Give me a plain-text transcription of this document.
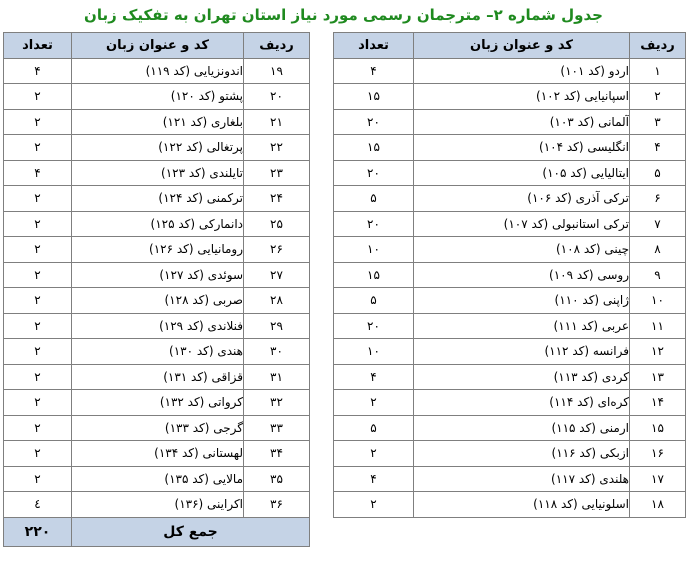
جدول شماره ۲– مترجمان رسمی مورد نیاز استان تهران به تفکیک زبان
ردیف	کد و عنوان زبان	تعداد
۱	اردو (کد ۱۰۱)	۴
۲	اسپانیایی (کد ۱۰۲)	۱۵
۳	آلمانی (کد ۱۰۳)	۲۰
۴	انگلیسی (کد ۱۰۴)	۱۵
۵	ایتالیایی (کد ۱۰۵)	۲۰
۶	ترکی آذری (کد ۱۰۶)	۵
۷	ترکی استانبولی (کد ۱۰۷)	۲۰
۸	چینی (کد ۱۰۸)	۱۰
۹	روسی (کد ۱۰۹)	۱۵
۱۰	ژاپنی (کد ۱۱۰)	۵
۱۱	عربی (کد ۱۱۱)	۲۰
۱۲	فرانسه (کد ۱۱۲)	۱۰
۱۳	کردی (کد ۱۱۳)	۴
۱۴	کره‌ای (کد ۱۱۴)	۲
۱۵	ارمنی (کد ۱۱۵)	۵
۱۶	ازبکی (کد ۱۱۶)	۲
۱۷	هلندی (کد ۱۱۷)	۴
۱۸	اسلونیایی (کد ۱۱۸)	۲
ردیف	کد و عنوان زبان	تعداد
۱۹	اندونزیایی (کد ۱۱۹)	۴
۲۰	پشتو (کد ۱۲۰)	۲
۲۱	بلغاری (کد ۱۲۱)	۲
۲۲	پرتغالی (کد ۱۲۲)	۲
۲۳	تایلندی (کد ۱۲۳)	۴
۲۴	ترکمنی (کد ۱۲۴)	۲
۲۵	دانمارکی (کد ۱۲۵)	۲
۲۶	رومانیایی (کد ۱۲۶)	۲
۲۷	سوئدی (کد ۱۲۷)	۲
۲۸	صربی (کد ۱۲۸)	۲
۲۹	فنلاندی (کد ۱۲۹)	۲
۳۰	هندی (کد ۱۳۰)	۲
۳۱	قزاقی (کد ۱۳۱)	۲
۳۲	کرواتی (کد ۱۳۲)	۲
۳۳	گرجی (کد ۱۳۳)	۲
۳۴	لهستانی (کد ۱۳۴)	۲
۳۵	مالایی (کد ۱۳۵)	۲
۳۶	اکراینی (۱۳۶)	٤
جمع کل		۲۲۰
